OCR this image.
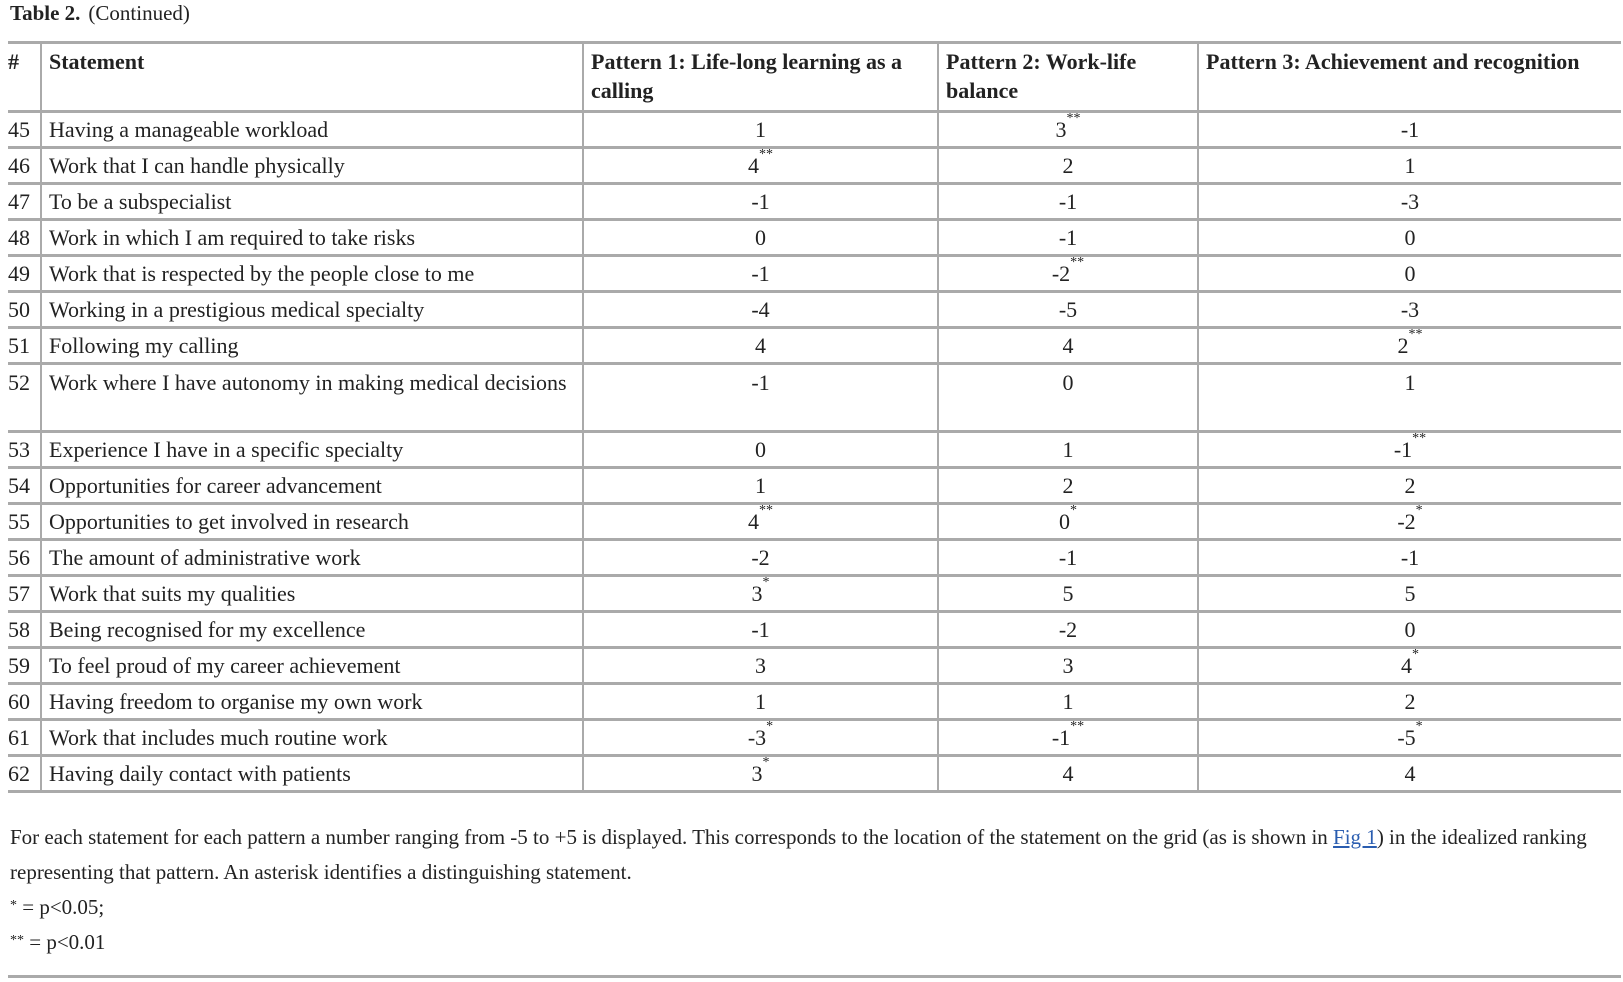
Table 2. (Continued)
#	Statement	Pattern 1: Life-long learning as a calling	Pattern 2: Work-life balance	Pattern 3: Achievement and recognition
45	Having a manageable workload	1	3**	-1
46	Work that I can handle physically	4**	2	1
47	To be a subspecialist	-1	-1	-3
48	Work in which I am required to take risks	0	-1	0
49	Work that is respected by the people close to me	-1	-2**	0
50	Working in a prestigious medical specialty	-4	-5	-3
51	Following my calling	4	4	2**
52	Work where I have autonomy in making medical decisions	-1	0	1
53	Experience I have in a specific specialty	0	1	-1**
54	Opportunities for career advancement	1	2	2
55	Opportunities to get involved in research	4**	0*	-2*
56	The amount of administrative work	-2	-1	-1
57	Work that suits my qualities	3*	5	5
58	Being recognised for my excellence	-1	-2	0
59	To feel proud of my career achievement	3	3	4*
60	Having freedom to organise my own work	1	1	2
61	Work that includes much routine work	-3*	-1**	-5*
62	Having daily contact with patients	3*	4	4

For each statement for each pattern a number ranging from -5 to +5 is displayed. This corresponds to the location of the statement on the grid (as is shown in Fig 1) in the idealized ranking representing that pattern. An asterisk identifies a distinguishing statement.

* = p<0.05;

** = p<0.01
